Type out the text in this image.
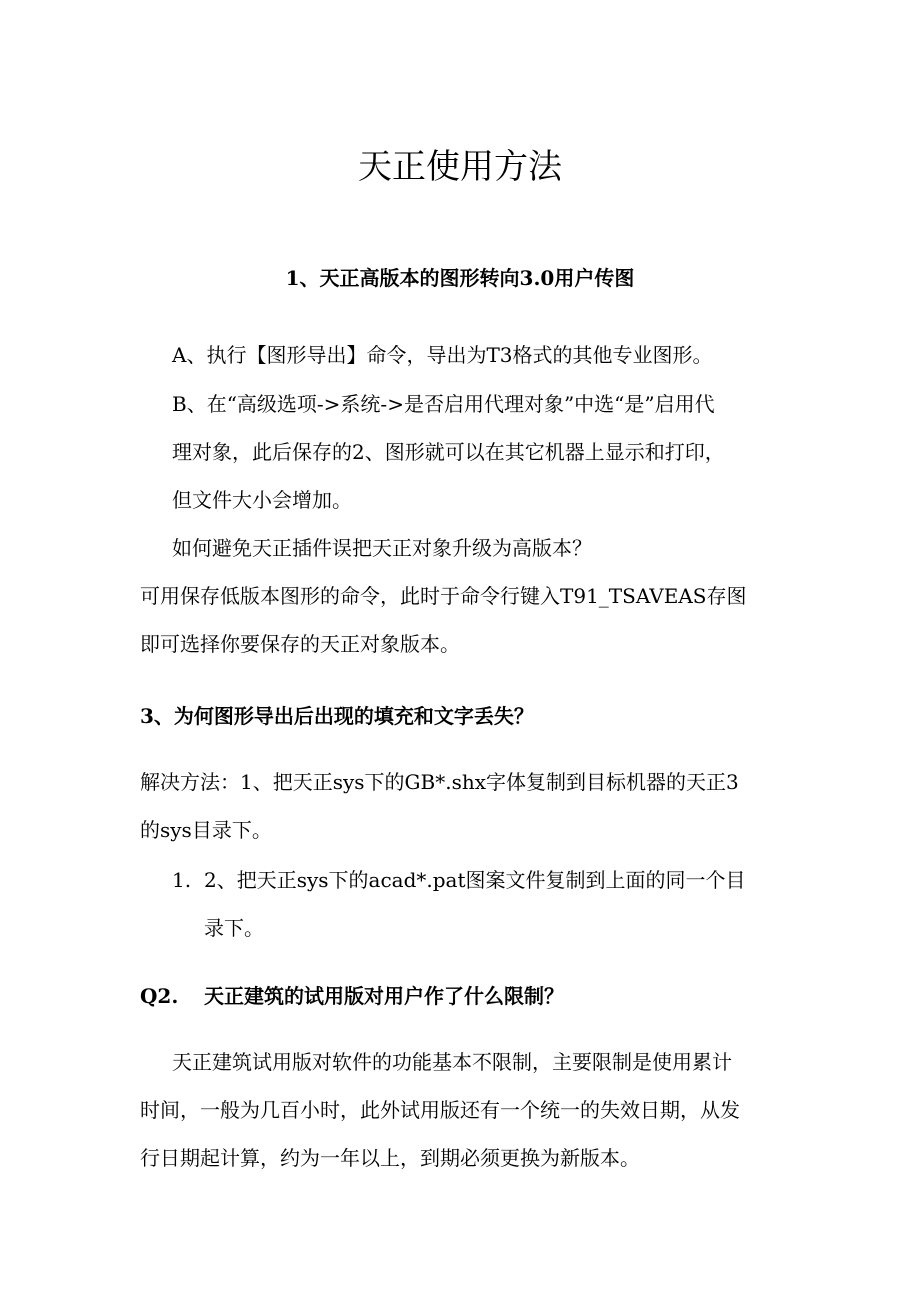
天正使用方法
1、天正高版本的图形转向3.0用户传图

A、执行【图形导出】命令，导出为T3格式的其他专业图形。

B、在“高级选项->系统->是否启用代理对象”中选“是”启用代
理对象，此后保存的2、图形就可以在其它机器上显示和打印，
但文件大小会增加。

如何避免天正插件误把天正对象升级为高版本？

可用保存低版本图形的命令，此时于命令行键入T91_TSAVEAS存图
即可选择你要保存的天正对象版本。

3、为何图形导出后出现的填充和文字丢失？

解决方法：1、把天正sys下的GB*.shx字体复制到目标机器的天正3
的sys目录下。

1. 2、把天正sys下的acad*.pat图案文件复制到上面的同一个目
录下。
Q2. 天正建筑的试用版对用户作了什么限制？

天正建筑试用版对软件的功能基本不限制，主要限制是使用累计
时间，一般为几百小时，此外试用版还有一个统一的失效日期，从发
行日期起计算，约为一年以上，到期必须更换为新版本。
